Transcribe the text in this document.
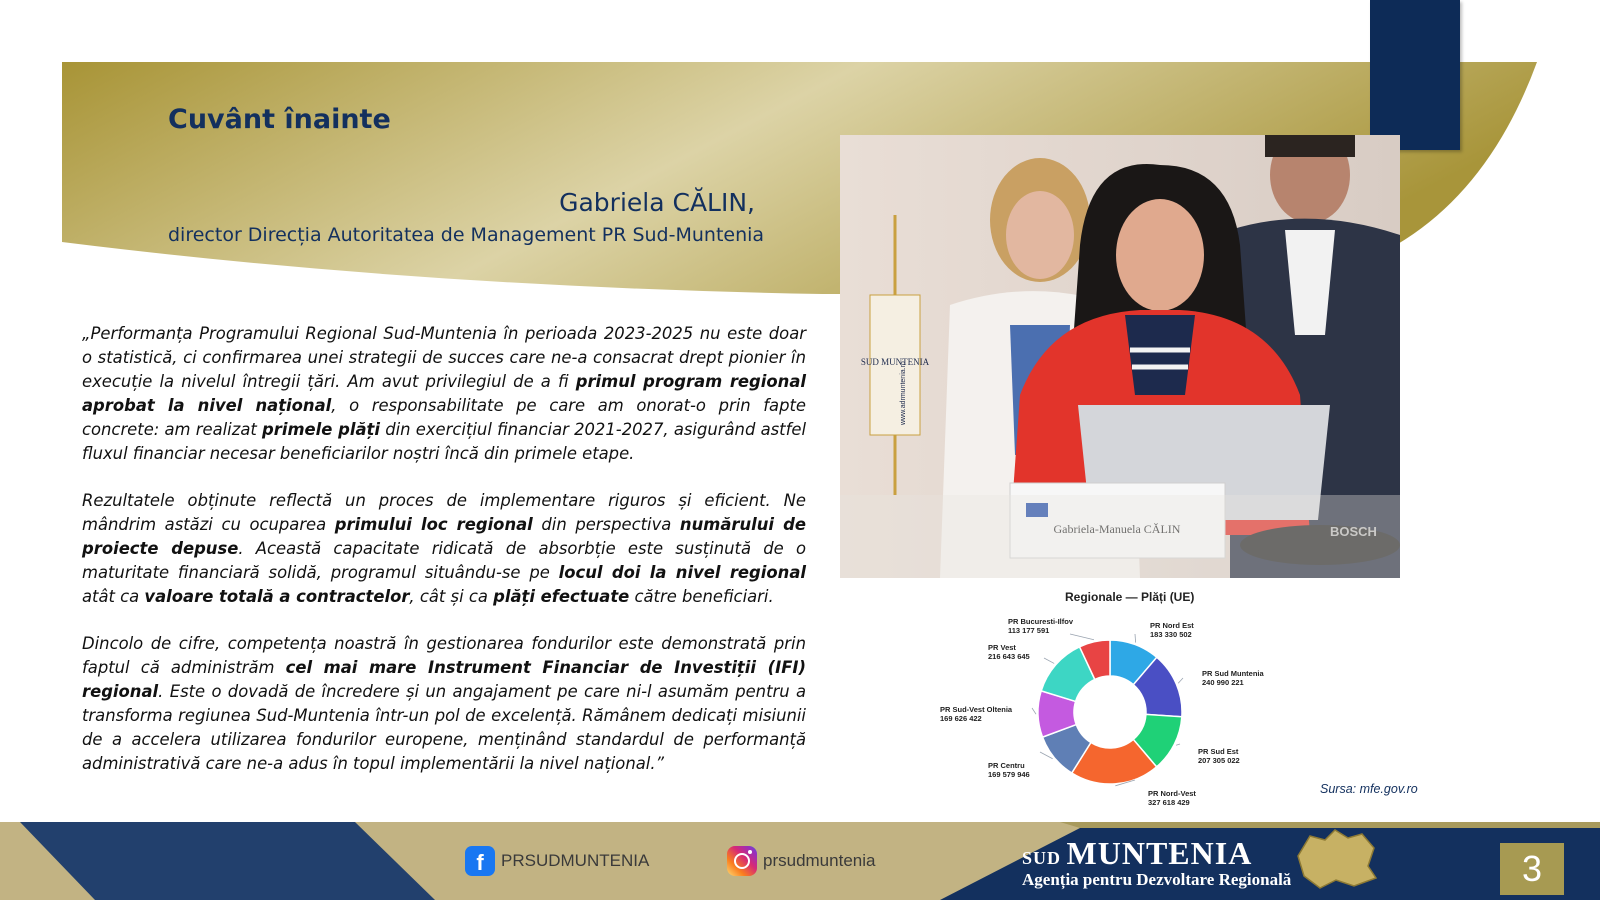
Cuvânt înainte
Gabriela CĂLIN,
director Direcția Autoritatea de Management PR Sud-Muntenia

„Performanța Programului Regional Sud-Muntenia în perioada 2023-2025 nu este doar o statistică, ci confirmarea unei strategii de succes care ne-a consacrat drept pionier în execuție la nivelul întregii țări. Am avut privilegiul de a fi primul program regional aprobat la nivel național, o responsabilitate pe care am onorat-o prin fapte concrete: am realizat primele plăți din exercițiul financiar 2021-2027, asigurând astfel fluxul financiar necesar beneficiarilor noștri încă din primele etape.

Rezultatele obținute reflectă un proces de implementare riguros și eficient. Ne mândrim astăzi cu ocuparea primului loc regional din perspectiva numărului de proiecte depuse. Această capacitate ridicată de absorbție este susținută de o maturitate financiară solidă, programul situându-se pe locul doi la nivel regional atât ca valoare totală a contractelor, cât și ca plăți efectuate către beneficiari.

Dincolo de cifre, competența noastră în gestionarea fondurilor este demonstrată prin faptul că administrăm cel mai mare Instrument Financiar de Investiții (IFI) regional. Este o dovadă de încredere și un angajament pe care ni-l asumăm pentru a transforma regiunea Sud-Muntenia într-un pol de excelență. Rămânem dedicați misiunii de a accelera utilizarea fondurilor europene, menținând standardul de performanță administrativă care ne-a adus în topul implementării la nivel național.”

SUD MUNTENIA
www.adrmuntenia.ro
Gabriela-Manuela CĂLIN	BOSCH
Regionale — Plăți (UE)
PR Nord Est
183 330 502
PR Sud Muntenia
240 990 221
PR Sud Est
207 305 022
PR Nord-Vest
327 618 429
PR Centru
169 579 946
PR Sud-Vest Oltenia
169 626 422
PR Vest
216 643 645
PR Bucuresti-Ilfov
113 177 591
Sursa: mfe.gov.ro
f	PRSUDMUNTENIA	prsudmuntenia	SUD MUNTENIA
Agenția pentru Dezvoltare Regională	3
